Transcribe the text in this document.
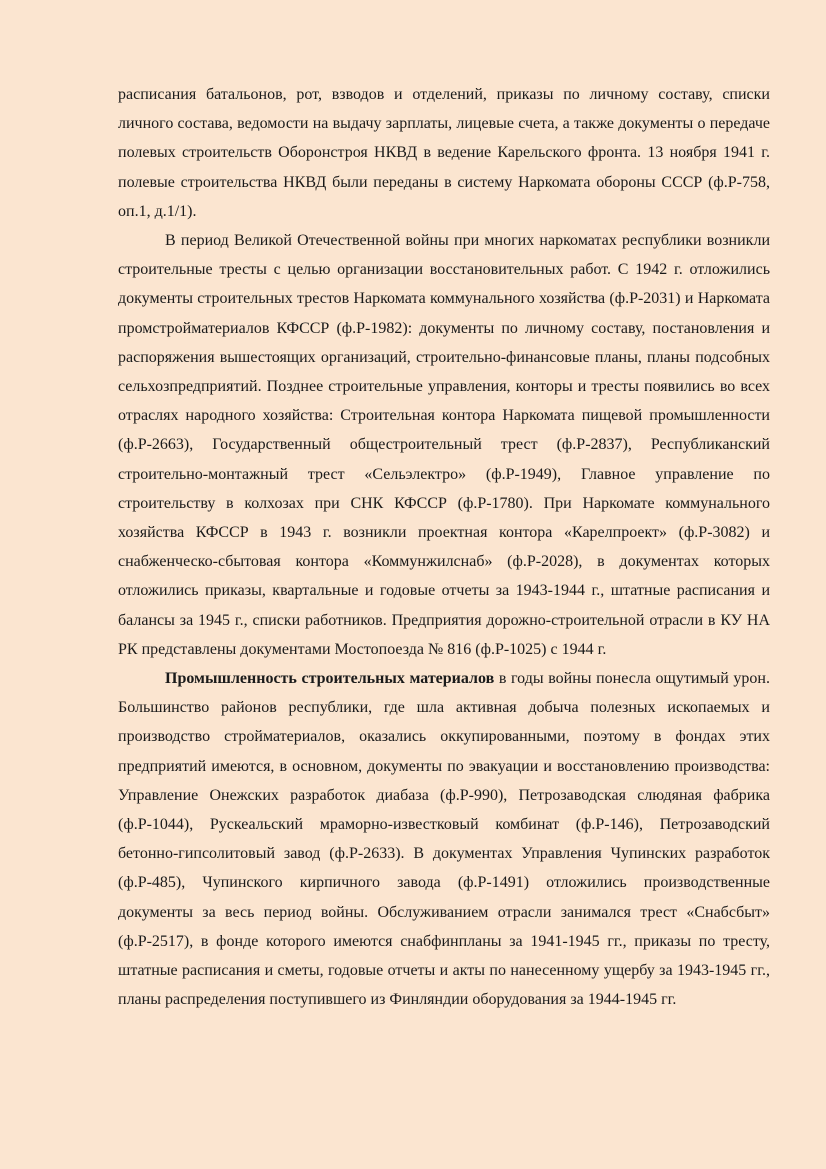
расписания батальонов, рот, взводов и отделений, приказы по личному составу, списки личного состава, ведомости на выдачу зарплаты, лицевые счета, а также документы о передаче полевых строительств Оборонстроя НКВД в ведение Карельского фронта. 13 ноября 1941 г. полевые строительства НКВД были переданы в систему Наркомата обороны СССР (ф.Р-758, оп.1, д.1/1).

В период Великой Отечественной войны при многих наркоматах республики возникли строительные тресты с целью организации восстановительных работ. С 1942 г. отложились документы строительных трестов Наркомата коммунального хозяйства (ф.Р-2031) и Наркомата промстройматериалов КФССР (ф.Р-1982): документы по личному составу, постановления и распоряжения вышестоящих организаций, строительно-финансовые планы, планы подсобных сельхозпредприятий. Позднее строительные управления, конторы и тресты появились во всех отраслях народного хозяйства: Строительная контора Наркомата пищевой промышленности (ф.Р-2663), Государственный общестроительный трест (ф.Р-2837), Республиканский строительно-монтажный трест «Сельэлектро» (ф.Р-1949), Главное управление по строительству в колхозах при СНК КФССР (ф.Р-1780). При Наркомате коммунального хозяйства КФССР в 1943 г. возникли проектная контора «Карелпроект» (ф.Р-3082) и снабженческо-сбытовая контора «Коммунжилснаб» (ф.Р-2028), в документах которых отложились приказы, квартальные и годовые отчеты за 1943-1944 г., штатные расписания и балансы за 1945 г., списки работников. Предприятия дорожно-строительной отрасли в КУ НА РК представлены документами Мостопоезда № 816 (ф.Р-1025) с 1944 г.

Промышленность строительных материалов в годы войны понесла ощутимый урон. Большинство районов республики, где шла активная добыча полезных ископаемых и производство стройматериалов, оказались оккупированными, поэтому в фондах этих предприятий имеются, в основном, документы по эвакуации и восстановлению производства: Управление Онежских разработок диабаза (ф.Р-990), Петрозаводская слюдяная фабрика (ф.Р-1044), Рускеальский мраморно-известковый комбинат (ф.Р-146), Петрозаводский бетонно-гипсолитовый завод (ф.Р-2633). В документах Управления Чупинских разработок (ф.Р-485), Чупинского кирпичного завода (ф.Р-1491) отложились производственные документы за весь период войны. Обслуживанием отрасли занимался трест «Снабсбыт» (ф.Р-2517), в фонде которого имеются снабфинпланы за 1941-1945 гг., приказы по тресту, штатные расписания и сметы, годовые отчеты и акты по нанесенному ущербу за 1943-1945 гг., планы распределения поступившего из Финляндии оборудования за 1944-1945 гг.
